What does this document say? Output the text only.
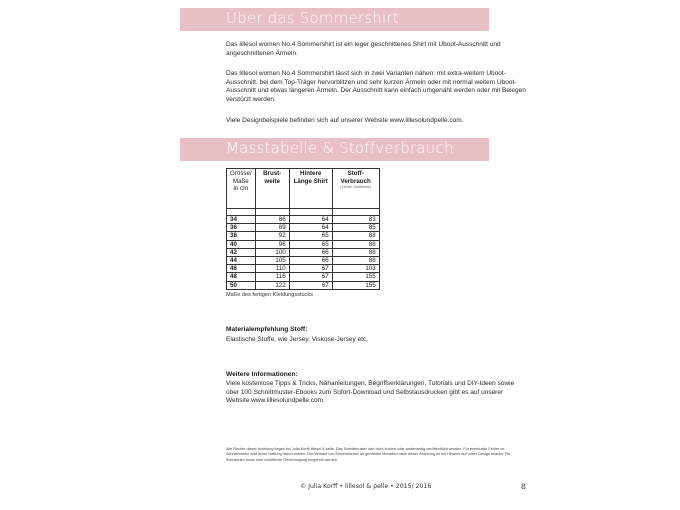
Über das Sommershirt

Das lillesol women No.4 Sommershirt ist ein leger geschnittenes Shirt mit Uboot-Ausschnitt und angeschnittenen Ärmeln.

Das lillesol women No.4 Sommershirt lässt sich in zwei Varianten nähen: mit extra-weitem Uboot-Ausschnitt, bei dem Top-Träger hervorblitzen und sehr kurzen Ärmeln oder mit normal weitem Uboot-Ausschnitt und etwas längeren Ärmeln. Der Ausschnitt kann einfach umgenäht werden oder mit Belegen verstürzt werden.

Viele Designbeispiele befinden sich auf unserer Website www.lillesolundpelle.com.

Masstabelle & Stoffverbrauch
Grösse/ Maße in cm	Brust- weite	Hintere Länge Shirt	Stoff- Verbrauch
(140cm Stoffbreite)

34	86	64	83
36	89	64	85
38	92	65	88
40	96	65	88
42	100	66	88
44	105	66	88
46	110	67	103
48	116	67	155
50	122	67	155
Maße des fertigen Kleidungsstücks
Materialempfehlung Stoff:

Elastische Stoffe, wie Jersey, Viskose-Jersey etc.

Weitere Informationen:

Viele kostenlose Tipps & Tricks, Nähanleitungen, Begriffserklärungen, Tutorials und DIY-Ideen sowie über 100 Schnittmuster-Ebooks zum Sofort-Download und Selbstausdrucken gibt es auf unserer Website www.lillesolundpelle.com.

Alle Rechte dieser Anleitung liegen bei Julia Korff/ lillesol & pelle. Das Schnittmuster darf nicht kopiert oder anderweitig veröffentlicht werden. Für eventuelle Fehler im Schnittmuster wird keine Haftung übernommen. Der Verkauf von Einzelstücken an genähten Modellen nach dieser Anleitung ist mit Hinweis auf unser Design erlaubt. Für Kleinserien muss eine schriftliche Genehmigung eingeholt werden.

© Julia Korff • lillesol & pelle • 2015/ 2016	8
